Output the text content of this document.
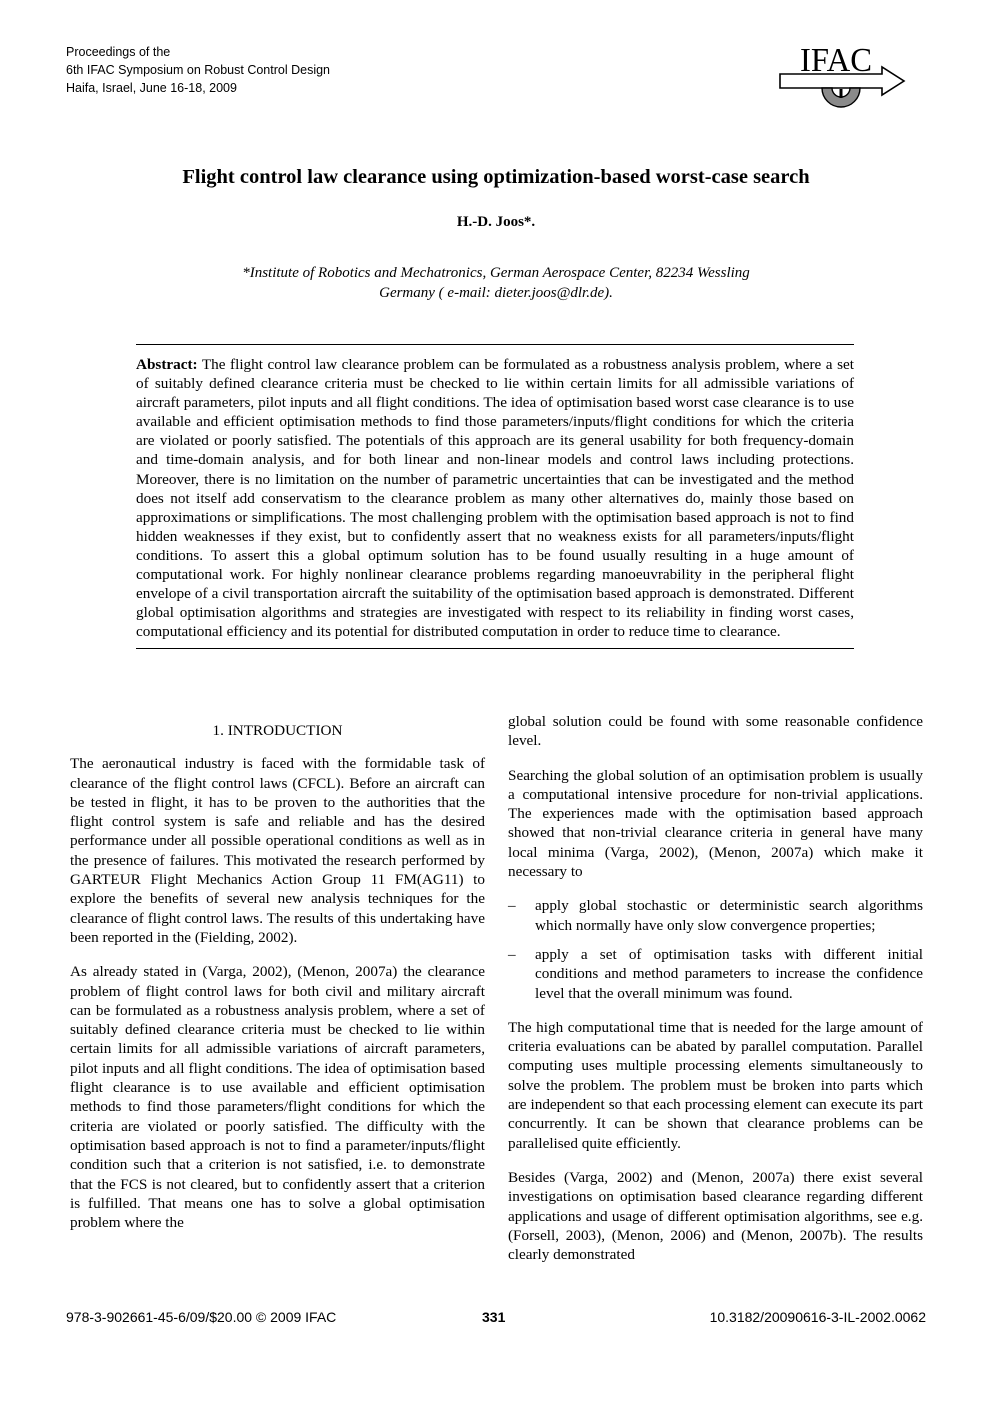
Proceedings of the
6th IFAC Symposium on Robust Control Design
Haifa, Israel, June 16-18, 2009
IFAC
Flight control law clearance using optimization-based worst-case search
H.-D. Joos*.
*Institute of Robotics and Mechatronics, German Aerospace Center, 82234 Wessling
Germany ( e-mail: dieter.joos@dlr.de).

Abstract: The flight control law clearance problem can be formulated as a robustness analysis problem, where a set of suitably defined clearance criteria must be checked to lie within certain limits for all admissible variations of aircraft parameters, pilot inputs and all flight conditions. The idea of optimisation based worst case clearance is to use available and efficient optimisation methods to find those parameters/inputs/flight conditions for which the criteria are violated or poorly satisfied. The potentials of this approach are its general usability for both frequency-domain and time-domain analysis, and for both linear and non-linear models and control laws including protections. Moreover, there is no limitation on the number of parametric uncertainties that can be investigated and the method does not itself add conservatism to the clearance problem as many other alternatives do, mainly those based on approximations or simplifications. The most challenging problem with the optimisation based approach is not to find hidden weaknesses if they exist, but to confidently assert that no weakness exists for all parameters/inputs/flight conditions. To assert this a global optimum solution has to be found usually resulting in a huge amount of computational work. For highly nonlinear clearance problems regarding manoeuvrability in the peripheral flight envelope of a civil transportation aircraft the suitability of the optimisation based approach is demonstrated. Different global optimisation algorithms and strategies are investigated with respect to its reliability in finding worst cases, computational efficiency and its potential for distributed computation in order to reduce time to clearance.

1. INTRODUCTION

The aeronautical industry is faced with the formidable task of clearance of the flight control laws (CFCL). Before an aircraft can be tested in flight, it has to be proven to the authorities that the flight control system is safe and reliable and has the desired performance under all possible operational conditions as well as in the presence of failures. This motivated the research performed by GARTEUR Flight Mechanics Action Group 11 FM(AG11) to explore the benefits of several new analysis techniques for the clearance of flight control laws. The results of this undertaking have been reported in the (Fielding, 2002).

As already stated in (Varga, 2002), (Menon, 2007a) the clearance problem of flight control laws for both civil and military aircraft can be formulated as a robustness analysis problem, where a set of suitably defined clearance criteria must be checked to lie within certain limits for all admissible variations of aircraft parameters, pilot inputs and all flight conditions. The idea of optimisation based flight clearance is to use available and efficient optimisation methods to find those parameters/flight conditions for which the criteria are violated or poorly satisfied. The difficulty with the optimisation based approach is not to find a parameter/inputs/flight condition such that a criterion is not satisfied, i.e. to demonstrate that the FCS is not cleared, but to confidently assert that a criterion is fulfilled. That means one has to solve a global optimisation problem where the

global solution could be found with some reasonable confidence level.

Searching the global solution of an optimisation problem is usually a computational intensive procedure for non-trivial applications. The experiences made with the optimisation based approach showed that non-trivial clearance criteria in general have many local minima (Varga, 2002), (Menon, 2007a) which make it necessary to

– apply global stochastic or deterministic search algorithms which normally have only slow convergence properties;
– apply a set of optimisation tasks with different initial conditions and method parameters to increase the confidence level that the overall minimum was found.

The high computational time that is needed for the large amount of criteria evaluations can be abated by parallel computation. Parallel computing uses multiple processing elements simultaneously to solve the problem. The problem must be broken into parts which are independent so that each processing element can execute its part concurrently. It can be shown that clearance problems can be parallelised quite efficiently.

Besides (Varga, 2002) and (Menon, 2007a) there exist several investigations on optimisation based clearance regarding different applications and usage of different optimisation algorithms, see e.g. (Forsell, 2003), (Menon, 2006) and (Menon, 2007b). The results clearly demonstrated

978-3-902661-45-6/09/$20.00 © 2009 IFAC	331	10.3182/20090616-3-IL-2002.0062
